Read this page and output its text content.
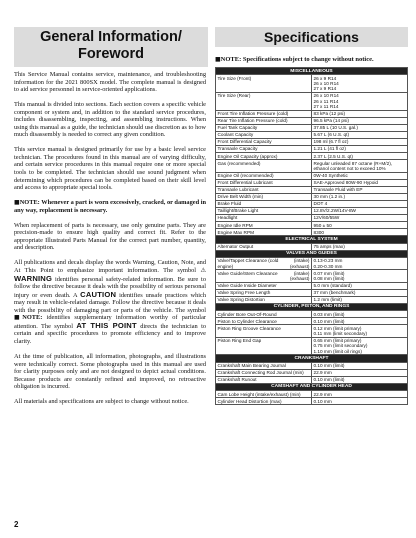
General Information/
Foreword

This Service Manual contains service, maintenance, and troubleshooting information for the 2021 800SX model. The complete manual is designed to aid service personnel in service-oriented applications.

This manual is divided into sections. Each section covers a specific vehicle component or system and, in addition to the standard service procedures, includes disassembling, inspecting, and assembling instructions. When using this manual as a guide, the technician should use discretion as to how much disassembly is needed to correct any given condition.

This service manual is designed primarily for use by a basic level service technician. The procedures found in this manual are of varying difficulty, and certain service procedures in this manual require one or more special tools to be completed. The technician should use sound judgment when determining which procedures can be completed based on their skill level and access to appropriate special tools.

■NOTE: Whenever a part is worn excessively, cracked, or damaged in any way, replacement is necessary.

When replacement of parts is necessary, use only genuine parts. They are precision-made to ensure high quality and correct fit. Refer to the appropriate Illustrated Parts Manual for the correct part number, quantity, and description.

All publications and decals display the words Warning, Caution, Note, and At This Point to emphasize important information. The symbol ⚠ WARNING identifies personal safety-related information. Be sure to follow the directive because it deals with the possibility of serious personal injury or even death. A CAUTION identifies unsafe practices which may result in vehicle-related damage. Follow the directive because it deals with the possibility of damaging part or parts of the vehicle. The symbol ■NOTE: identifies supplementary information worthy of particular attention. The symbol AT THIS POINT directs the technician to certain and specific procedures to promote efficiency and to improve clarity.

At the time of publication, all information, photographs, and illustrations were technically correct. Some photographs used in this manual are used for clarity purposes only and are not designed to depict actual conditions. Because products are constantly refined and improved, no retroactive obligation is incurred.

All materials and specifications are subject to change without notice.

Specifications
■NOTE: Specifications subject to change without notice.
MISCELLANEOUS	
Tire Size (Front)	26 x 9 R14
26 x 10 R14
27 x 9 R14
Tire Size (Rear)	26 x 10 R14
26 x 11 R14
27 x 11 R14
Front Tire Inflation Pressure (cold)	83 kPa (12 psi)
Rear Tire Inflation Pressure (cold)	96.5 kPa (14 psi)
Fuel Tank Capacity	37.85 L (10 U.S. gal.)
Coolant Capacity	5.67 L (6 U.S. qt)
Front Differential Capacity	198 ml (6.7 fl oz)
Transaxle Capacity	1.21 L (41 fl oz)
Engine Oil Capacity (approx)	2.37 L (2.5 U.S. qt)
Gas (recommended)	Regular unleaded 87 octane (R+M/2), ethanol content not to exceed 10%
Engine Oil (recommended)	0W-40 Synthetic
Front Differential Lubricant	SAE-Approved 80W-90 Hypoid
Transaxle Lubricant	Transaxle Fluid with EP
Drive Belt Width (min)	30 mm (1.2 in.)
Brake Fluid	DOT 4
Taillight/Brake Light	12.8V/2.2W/14V-8W
Headlight	12V/60/55W
Engine Idle RPM	950 ± 50
Engine Max RPM	8300
ELECTRICAL SYSTEM	
Alternator Output	75 amps (max)
VALVES AND GUIDES	

Valve/Tappet Clearance (cold engine)
(intake)
(exhaust)	0.13-0.23 mm
0.20-0.30 mm

Valve Guide/Stem Clearance (intake)
(exhaust)	0.07 mm (limit)
0.08 mm (limit)
Valve Guide Inside Diameter	5.0 mm (standard)
Valve Spring Free Length	37 mm (benchmark)
Valve Spring Distortion	1.2 mm (limit)
CYLINDER, PISTON, AND RINGS	
Cylinder Bore Out-Of-Round	0.03 mm (limit)
Piston to Cylinder Clearance	0.10 mm (limit)
Piston Ring Groove Clearance	0.12 mm (limit primary)
0.11 mm (limit secondary)
Piston Ring End Gap	0.65 mm (limit primary)
0.75 mm (limit secondary)
1.10 mm (limit oil rings)
CRANKSHAFT	
Crankshaft Main Bearing Journal	0.10 mm (limit)
Crankshaft Connecting Rod Journal (min)	22.9 mm
Crankshaft Runout	0.10 mm (limit)
CAMSHAFT AND CYLINDER HEAD	
Cam Lobe Height (intake/exhaust) (min)	22.9 mm
Cylinder Head Distortion (max)	0.10 mm
2
